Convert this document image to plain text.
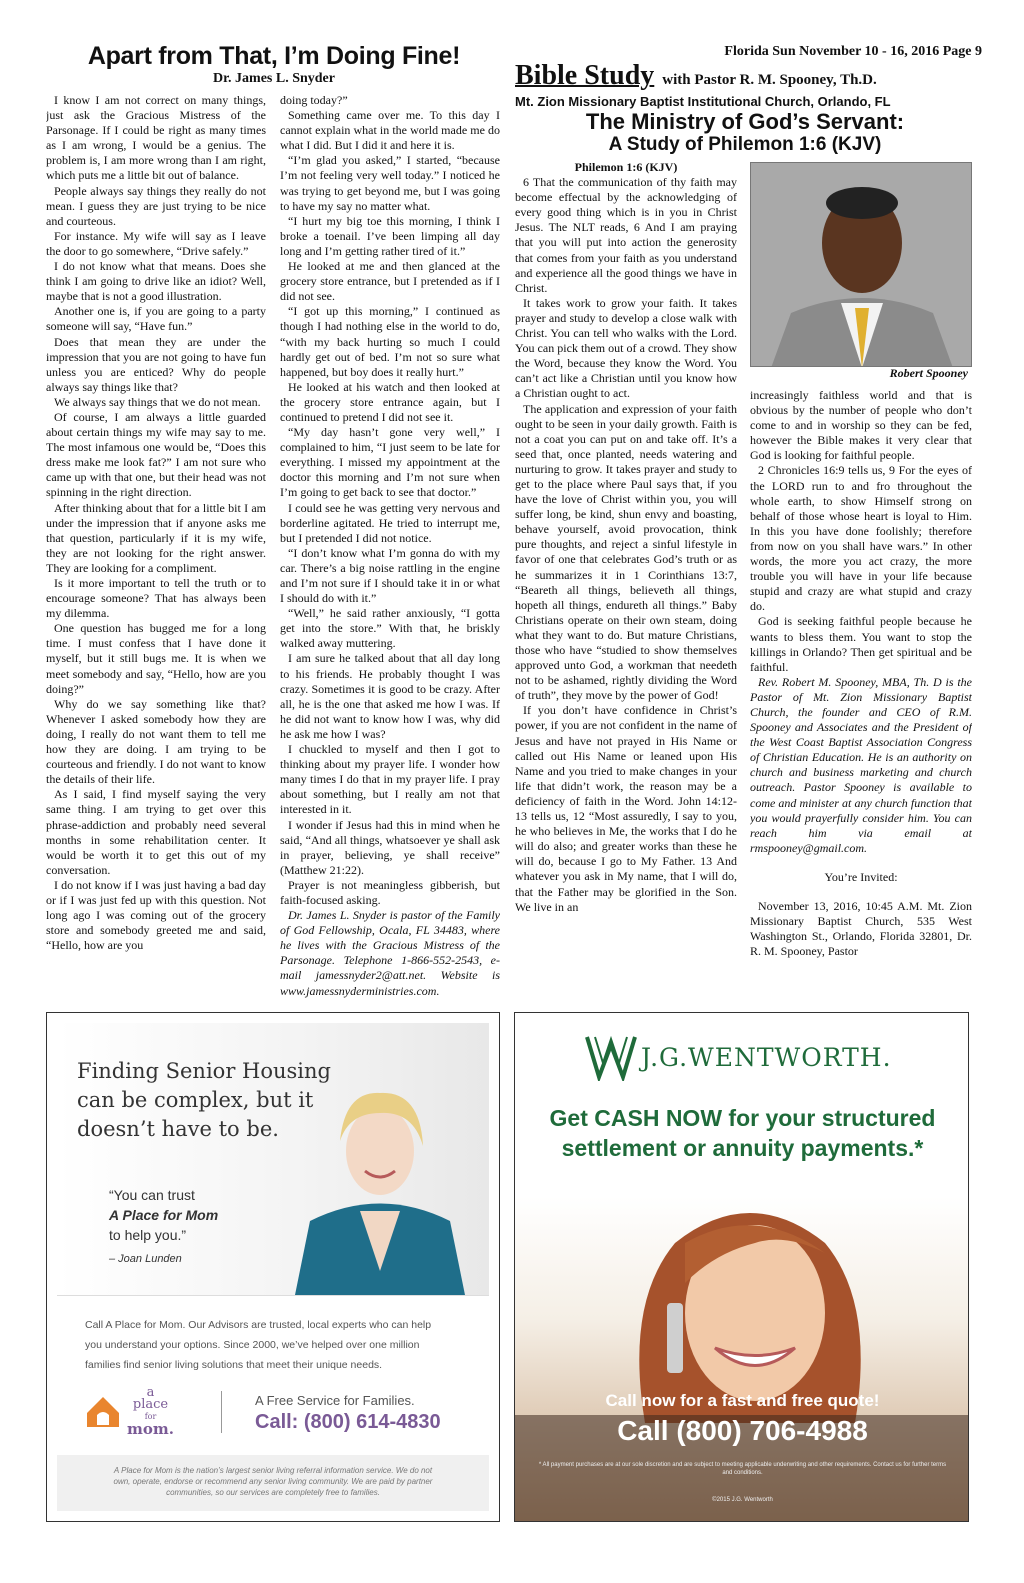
Florida Sun November 10 - 16, 2016 Page 9
Apart from That, I’m Doing Fine!
Dr. James L. Snyder

I know I am not correct on many things, just ask the Gracious Mistress of the Parsonage. If I could be right as many times as I am wrong, I would be a genius. The problem is, I am more wrong than I am right, which puts me a little bit out of balance.

People always say things they really do not mean. I guess they are just trying to be nice and courteous.

For instance. My wife will say as I leave the door to go somewhere, “Drive safely.”

I do not know what that means. Does she think I am going to drive like an idiot? Well, maybe that is not a good illustration.

Another one is, if you are going to a party someone will say, “Have fun.”

Does that mean they are under the impression that you are not going to have fun unless you are enticed? Why do people always say things like that?

We always say things that we do not mean.

Of course, I am always a little guarded about certain things my wife may say to me. The most infamous one would be, “Does this dress make me look fat?” I am not sure who came up with that one, but their head was not spinning in the right direction.

After thinking about that for a little bit I am under the impression that if anyone asks me that question, particularly if it is my wife, they are not looking for the right answer. They are looking for a compliment.

Is it more important to tell the truth or to encourage someone? That has always been my dilemma.

One question has bugged me for a long time. I must confess that I have done it myself, but it still bugs me. It is when we meet somebody and say, “Hello, how are you doing?”

Why do we say something like that? Whenever I asked somebody how they are doing, I really do not want them to tell me how they are doing. I am trying to be courteous and friendly. I do not want to know the details of their life.

As I said, I find myself saying the very same thing. I am trying to get over this phrase-addiction and probably need several months in some rehabilitation center. It would be worth it to get this out of my conversation.

I do not know if I was just having a bad day or if I was just fed up with this question. Not long ago I was coming out of the grocery store and somebody greeted me and said, “Hello, how are you

doing today?”

Something came over me. To this day I cannot explain what in the world made me do what I did. But I did it and here it is.

“I’m glad you asked,” I started, “because I’m not feeling very well today.” I noticed he was trying to get beyond me, but I was going to have my say no matter what.

“I hurt my big toe this morning, I think I broke a toenail. I’ve been limping all day long and I’m getting rather tired of it.”

He looked at me and then glanced at the grocery store entrance, but I pretended as if I did not see.

“I got up this morning,” I continued as though I had nothing else in the world to do, “with my back hurting so much I could hardly get out of bed. I’m not so sure what happened, but boy does it really hurt.”

He looked at his watch and then looked at the grocery store entrance again, but I continued to pretend I did not see it.

“My day hasn’t gone very well,” I complained to him, “I just seem to be late for everything. I missed my appointment at the doctor this morning and I’m not sure when I’m going to get back to see that doctor.”

I could see he was getting very nervous and borderline agitated. He tried to interrupt me, but I pretended I did not notice.

“I don’t know what I’m gonna do with my car. There’s a big noise rattling in the engine and I’m not sure if I should take it in or what I should do with it.”

“Well,” he said rather anxiously, “I gotta get into the store.” With that, he briskly walked away muttering.

I am sure he talked about that all day long to his friends. He probably thought I was crazy. Sometimes it is good to be crazy. After all, he is the one that asked me how I was. If he did not want to know how I was, why did he ask me how I was?

I chuckled to myself and then I got to thinking about my prayer life. I wonder how many times I do that in my prayer life. I pray about something, but I really am not that interested in it.

I wonder if Jesus had this in mind when he said, “And all things, whatsoever ye shall ask in prayer, believing, ye shall receive” (Matthew 21:22).

Prayer is not meaningless gibberish, but faith-focused asking.

Dr. James L. Snyder is pastor of the Family of God Fellowship, Ocala, FL 34483, where he lives with the Gracious Mistress of the Parsonage. Telephone 1-866-552-2543, e-mail jamessnyder2@att.net. Website is www.jamessnyderministries.com.

Bible Study with Pastor R. M. Spooney, Th.D.
Mt. Zion Missionary Baptist Institutional Church, Orlando, FL
The Ministry of God’s Servant:
A Study of Philemon 1:6 (KJV)

Philemon 1:6 (KJV)

6 That the communication of thy faith may become effectual by the acknowledging of every good thing which is in you in Christ Jesus. The NLT reads, 6 And I am praying that you will put into action the generosity that comes from your faith as you understand and experience all the good things we have in Christ.

It takes work to grow your faith. It takes prayer and study to develop a close walk with Christ. You can tell who walks with the Lord. You can pick them out of a crowd. They show the Word, because they know the Word. You can’t act like a Christian until you know how a Christian ought to act.

The application and expression of your faith ought to be seen in your daily growth. Faith is not a coat you can put on and take off. It’s a seed that, once planted, needs watering and nurturing to grow. It takes prayer and study to get to the place where Paul says that, if you have the love of Christ within you, you will suffer long, be kind, shun envy and boasting, behave yourself, avoid provocation, think pure thoughts, and reject a sinful lifestyle in favor of one that celebrates God’s truth or as he summarizes it in 1 Corinthians 13:7, “Beareth all things, believeth all things, hopeth all things, endureth all things.” Baby Christians operate on their own steam, doing what they want to do. But mature Christians, those who have “studied to show themselves approved unto God, a workman that needeth not to be ashamed, rightly dividing the Word of truth”, they move by the power of God!

If you don’t have confidence in Christ’s power, if you are not confident in the name of Jesus and have not prayed in His Name or called out His Name or leaned upon His Name and you tried to make changes in your life that didn’t work, the reason may be a deficiency of faith in the Word. John 14:12-13 tells us, 12 “Most assuredly, I say to you, he who believes in Me, the works that I do he will do also; and greater works than these he will do, because I go to My Father. 13 And whatever you ask in My name, that I will do, that the Father may be glorified in the Son. We live in an

Robert Spooney

increasingly faithless world and that is obvious by the number of people who don’t come to and in worship so they can be fed, however the Bible makes it very clear that God is looking for faithful people.

2 Chronicles 16:9 tells us, 9 For the eyes of the LORD run to and fro throughout the whole earth, to show Himself strong on behalf of those whose heart is loyal to Him. In this you have done foolishly; therefore from now on you shall have wars.” In other words, the more you act crazy, the more trouble you will have in your life because stupid and crazy are what stupid and crazy do.

God is seeking faithful people because he wants to bless them. You want to stop the killings in Orlando? Then get spiritual and be faithful.

Rev. Robert M. Spooney, MBA, Th. D is the Pastor of Mt. Zion Missionary Baptist Church, the founder and CEO of R.M. Spooney and Associates and the President of the West Coast Baptist Association Congress of Christian Education. He is an authority on church and business marketing and church outreach. Pastor Spooney is available to come and minister at any church function that you would prayerfully consider him. You can reach him via email at rmspooney@gmail.com.

You’re Invited:

November 13, 2016, 10:45 A.M. Mt. Zion Missionary Baptist Church, 535 West Washington St., Orlando, Florida 32801, Dr. R. M. Spooney, Pastor

Finding Senior Housing
can be complex, but it
doesn’t have to be.
“You can trust
A Place for Mom
to help you.”
– Joan Lunden
Call A Place for Mom. Our Advisors are trusted, local experts who can help
you understand your options. Since 2000, we’ve helped over one million
families find senior living solutions that meet their unique needs.
a
place
for
mom.
A Free Service for Families.
Call: (800) 614-4830
A Place for Mom is the nation’s largest senior living referral information service. We do not
own, operate, endorse or recommend any senior living community. We are paid by partner
communities, so our services are completely free to families.
J.G.WENTWORTH.
Get CASH NOW for your structured
settlement or annuity payments.*
Call now for a fast and free quote!
Call (800) 706-4988
* All payment purchases are at our sole discretion and are subject to meeting applicable underwriting and other requirements. Contact us for further terms and conditions.
©2015 J.G. Wentworth
